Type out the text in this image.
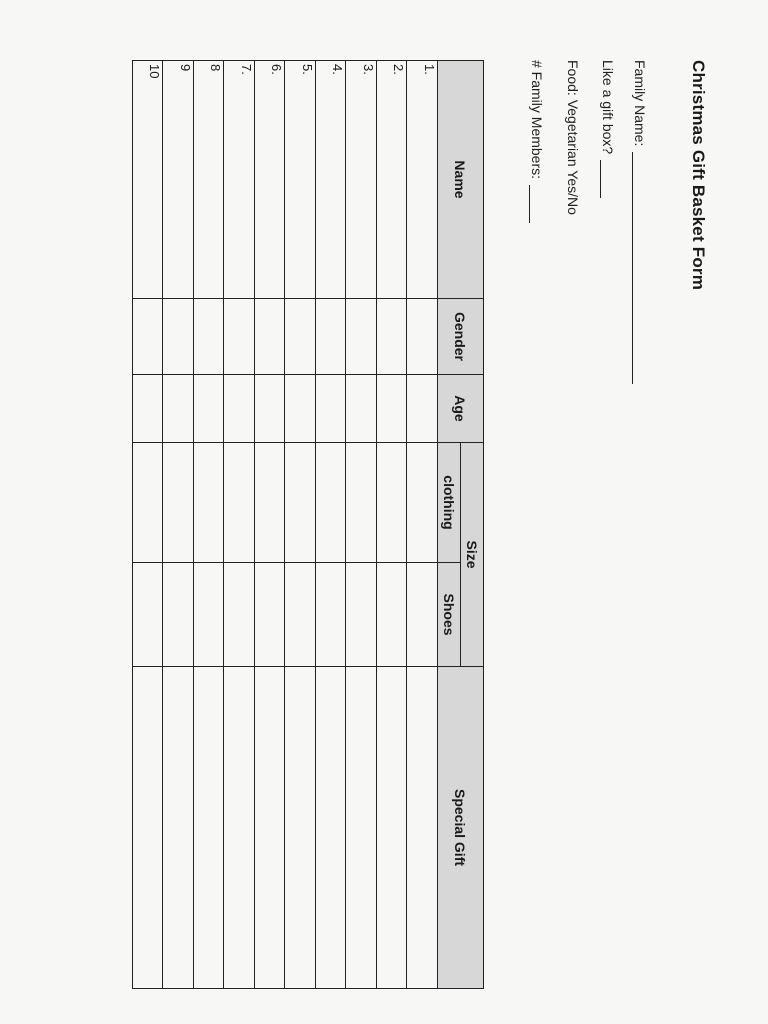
Christmas Gift Basket Form
Family Name:
Like a gift box?
Food: Vegetarian Yes/No
# Family Members:
Name	Gender	Age	Size		Special Gift
			clothing	Shoes	
1.					
2.					
3.					
4.					
5.					
6.					
7.					
8					
9					
10					
